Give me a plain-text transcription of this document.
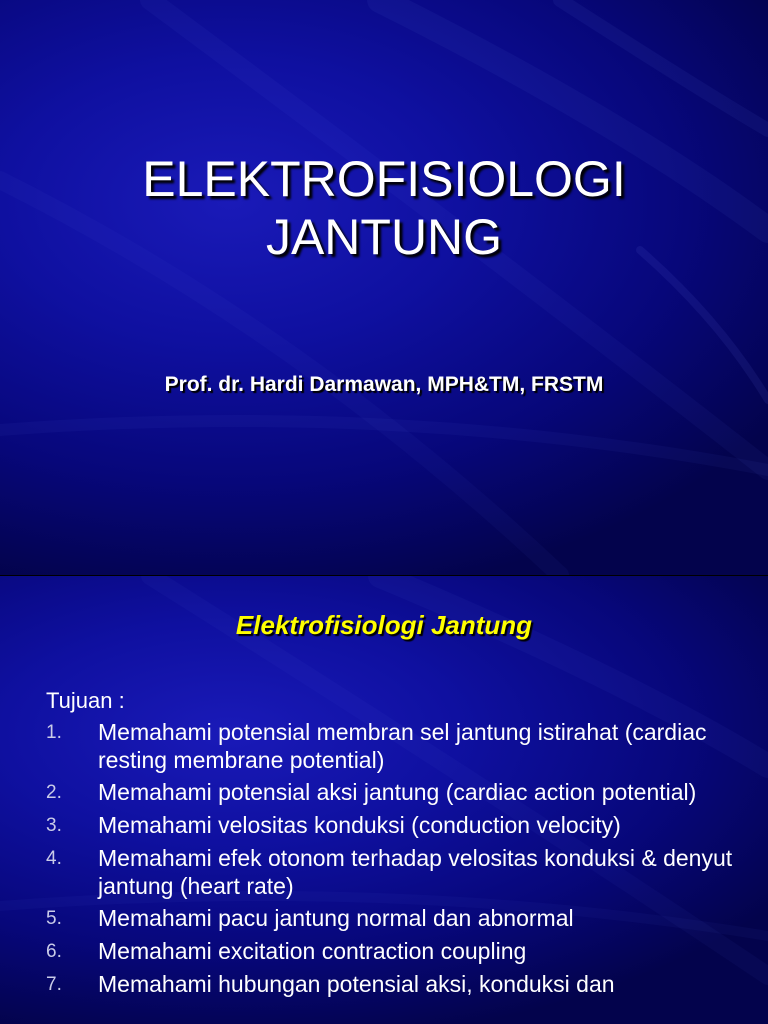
ELEKTROFISIOLOGI
JANTUNG
Prof. dr. Hardi Darmawan, MPH&TM, FRSTM
Elektrofisiologi Jantung
Tujuan :
1.	Memahami potensial membran sel jantung istirahat (cardiac resting membrane potential)
2.	Memahami potensial aksi jantung (cardiac action potential)
3.	Memahami velositas konduksi (conduction velocity)
4.	Memahami efek otonom terhadap velositas konduksi & denyut jantung (heart rate)
5.	Memahami pacu jantung normal dan abnormal
6.	Memahami excitation contraction coupling
7.	Memahami hubungan potensial aksi, konduksi dan
